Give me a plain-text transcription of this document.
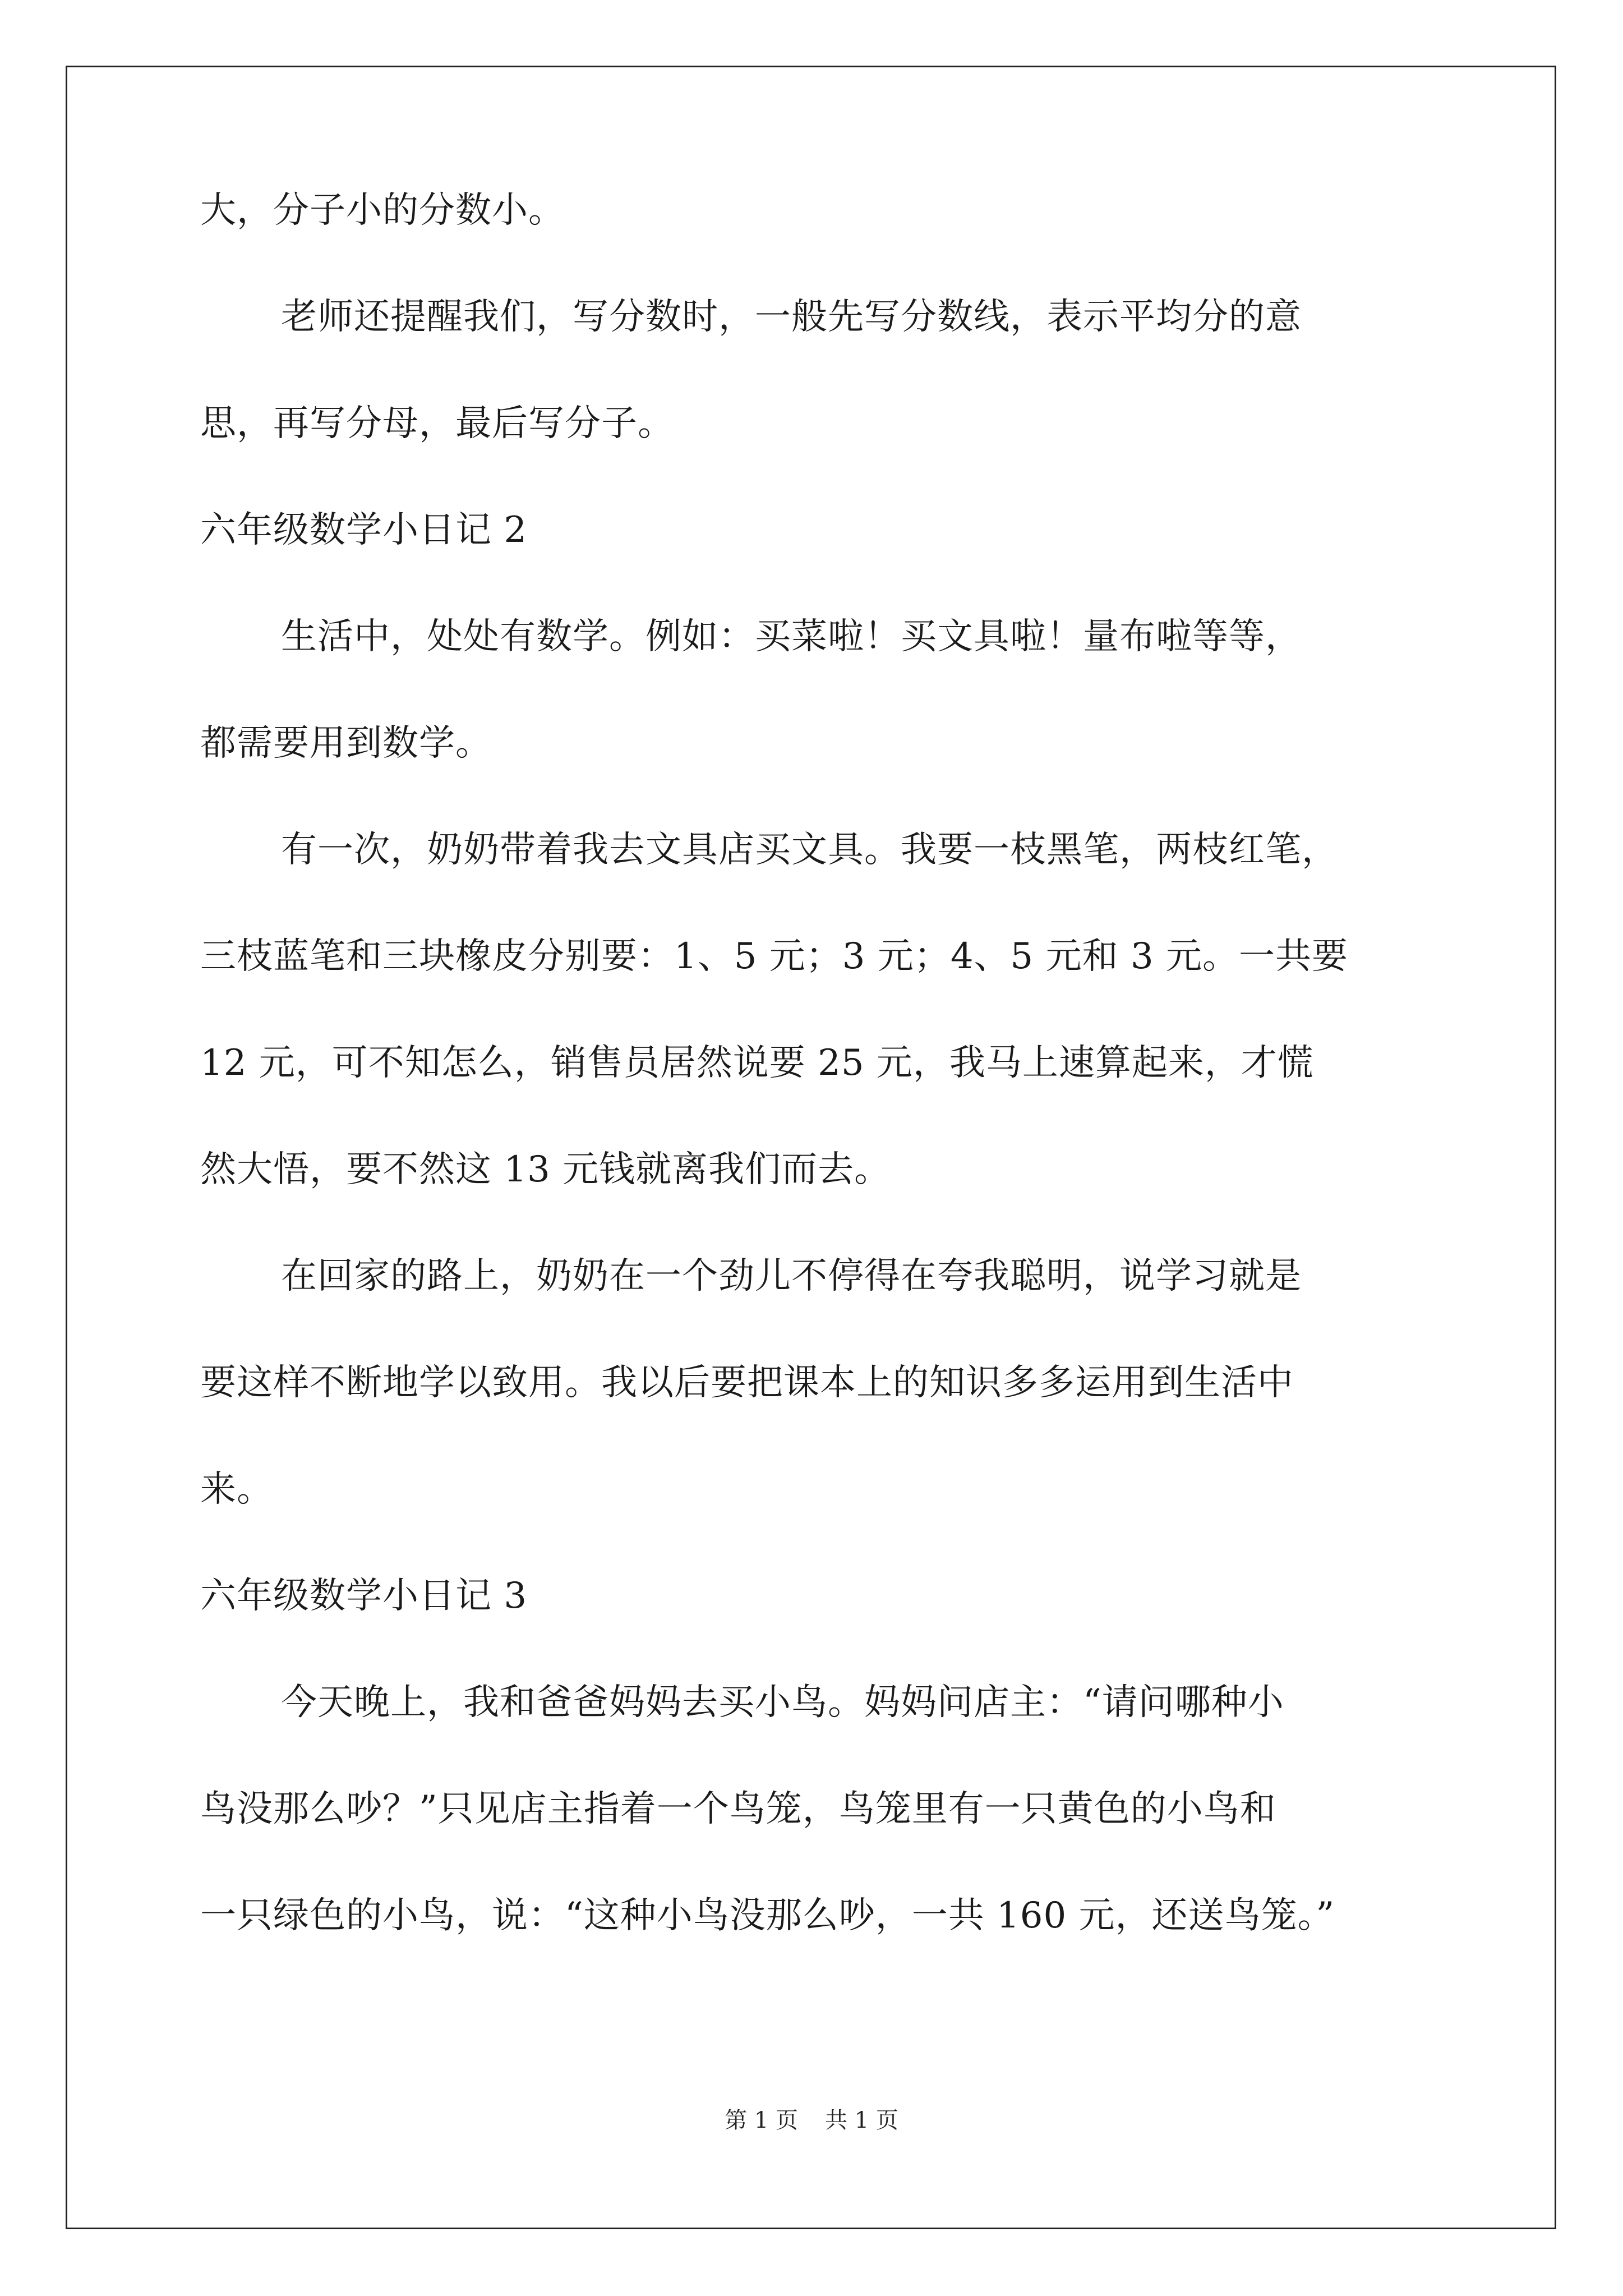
大，分子小的分数小。
老师还提醒我们，写分数时，一般先写分数线，表示平均分的意
思，再写分母，最后写分子。
六年级数学小日记 2
生活中，处处有数学。例如：买菜啦！买文具啦！量布啦等等，
都需要用到数学。
有一次，奶奶带着我去文具店买文具。我要一枝黑笔，两枝红笔，
三枝蓝笔和三块橡皮分别要：1、5 元；3 元；4、5 元和 3 元。一共要
12 元，可不知怎么，销售员居然说要 25 元，我马上速算起来，才慌
然大悟，要不然这 13 元钱就离我们而去。
在回家的路上，奶奶在一个劲儿不停得在夸我聪明，说学习就是
要这样不断地学以致用。我以后要把课本上的知识多多运用到生活中
来。
六年级数学小日记 3
今天晚上，我和爸爸妈妈去买小鸟。妈妈问店主：“请问哪种小
鸟没那么吵？”只见店主指着一个鸟笼，鸟笼里有一只黄色的小鸟和
一只绿色的小鸟，说：“这种小鸟没那么吵，一共 160 元，还送鸟笼。”
第 1 页 共 1 页
